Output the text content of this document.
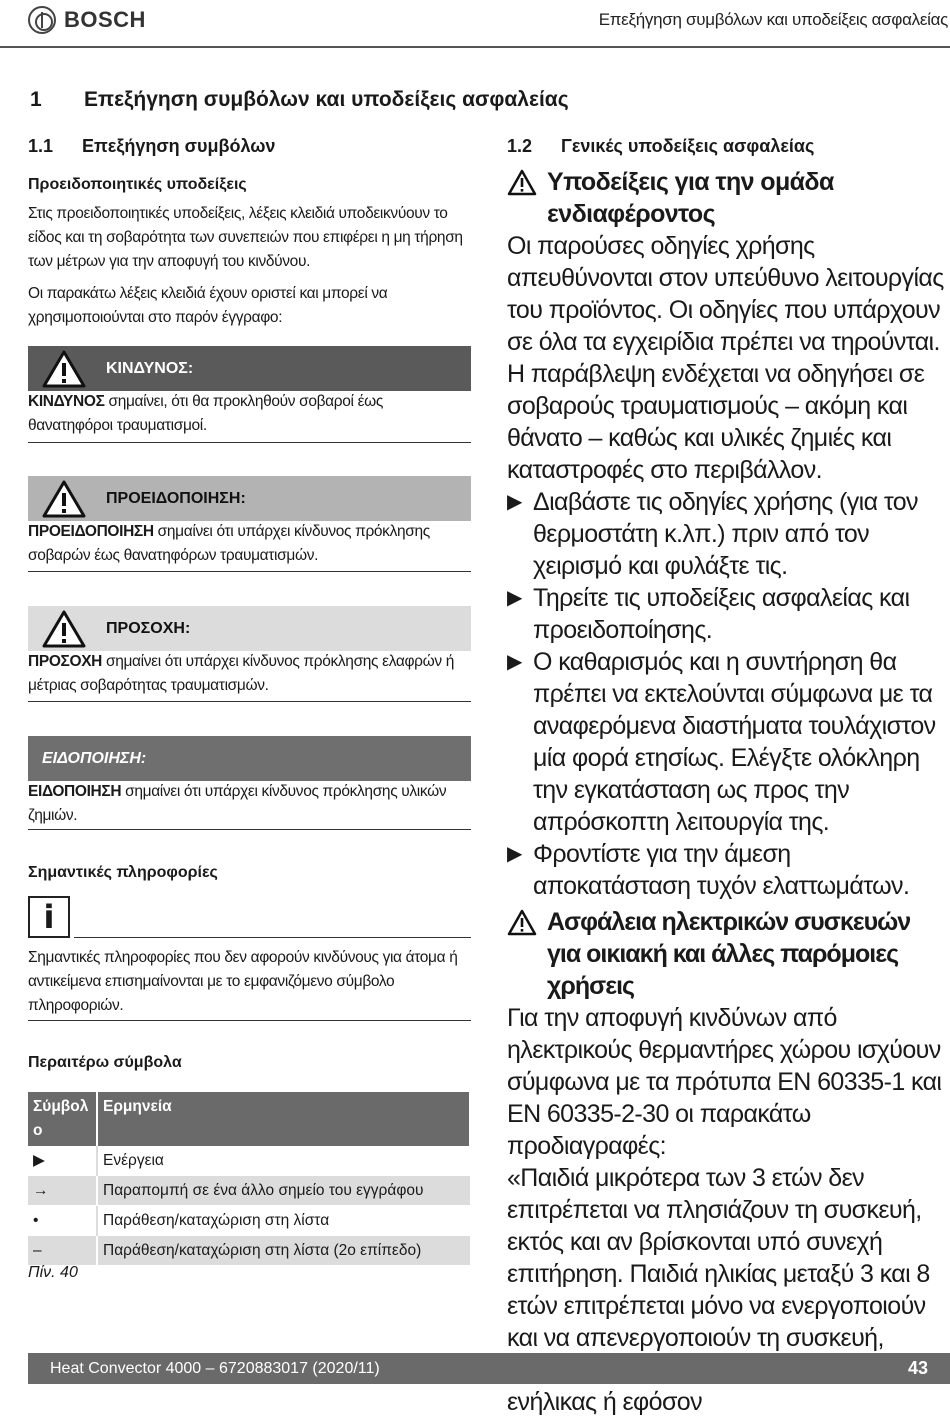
BOSCH	Επεξήγηση συμβόλων και υποδείξεις ασφαλείας
1 Επεξήγηση συμβόλων και υποδείξεις ασφαλείας
1.1 Επεξήγηση συμβόλων
Προειδοποιητικές υποδείξεις
Στις προειδοποιητικές υποδείξεις, λέξεις κλειδιά υποδεικνύουν το είδος και τη σοβαρότητα των συνεπειών που επιφέρει η μη τήρηση των μέτρων για την αποφυγή του κινδύνου.
Οι παρακάτω λέξεις κλειδιά έχουν οριστεί και μπορεί να χρησιμοποιούνται στο παρόν έγγραφο:
ΚΙΝΔΥΝΟΣ:
ΚΙΝΔΥΝΟΣ σημαίνει, ότι θα προκληθούν σοβαροί έως θανατηφόροι τραυματισμοί.
ΠΡΟΕΙΔΟΠΟΙΗΣΗ:
ΠΡΟΕΙΔΟΠΟΙΗΣΗ σημαίνει ότι υπάρχει κίνδυνος πρόκλησης σοβαρών έως θανατηφόρων τραυματισμών.
ΠΡΟΣΟΧΗ:
ΠΡΟΣΟΧΗ σημαίνει ότι υπάρχει κίνδυνος πρόκλησης ελαφρών ή μέτριας σοβαρότητας τραυματισμών.
ΕΙΔΟΠΟΙΗΣΗ:
ΕΙΔΟΠΟΙΗΣΗ σημαίνει ότι υπάρχει κίνδυνος πρόκλησης υλικών ζημιών.
Σημαντικές πληροφορίες
i
Σημαντικές πληροφορίες που δεν αφορούν κινδύνους για άτομα ή αντικείμενα επισημαίνονται με το εμφανιζόμενο σύμβολο πληροφοριών.
Περαιτέρω σύμβολα
Σύμβολ ο	Ερμηνεία
▶	Ενέργεια
→	Παραπομπή σε ένα άλλο σημείο του εγγράφου
•	Παράθεση/καταχώριση στη λίστα
–	Παράθεση/καταχώριση στη λίστα (2ο επίπεδο)
Πίν. 40
1.2 Γενικές υποδείξεις ασφαλείας
Υποδείξεις για την ομάδα ενδιαφέροντος
Οι παρούσες οδηγίες χρήσης απευθύνονται στον υπεύθυνο λειτουργίας του προϊόντος. Οι οδηγίες που υπάρχουν σε όλα τα εγχειρίδια πρέπει να τηρούνται. Η παράβλεψη ενδέχεται να οδηγήσει σε σοβαρούς τραυματισμούς – ακόμη και θάνατο – καθώς και υλικές ζημιές και καταστροφές στο περιβάλλον.
▶ Διαβάστε τις οδηγίες χρήσης (για τον θερμοστάτη κ.λπ.) πριν από τον χειρισμό και φυλάξτε τις.
▶ Τηρείτε τις υποδείξεις ασφαλείας και προειδοποίησης.
▶ Ο καθαρισμός και η συντήρηση θα πρέπει να εκτελούνται σύμφωνα με τα αναφερόμενα διαστήματα τουλάχιστον μία φορά ετησίως. Ελέγξτε ολόκληρη την εγκατάσταση ως προς την απρόσκοπτη λειτουργία της.
▶ Φροντίστε για την άμεση αποκατάσταση τυχόν ελαττωμάτων.
Ασφάλεια ηλεκτρικών συσκευών για οικιακή και άλλες παρόμοιες χρήσεις
Για την αποφυγή κινδύνων από ηλεκτρικούς θερμαντήρες χώρου ισχύουν σύμφωνα με τα πρότυπα EN 60335-1 και EN 60335-2-30 οι παρακάτω προδιαγραφές:
«Παιδιά μικρότερα των 3 ετών δεν επιτρέπεται να πλησιάζουν τη συσκευή, εκτός και αν βρίσκονται υπό συνεχή επιτήρηση. Παιδιά ηλικίας μεταξύ 3 και 8 ετών επιτρέπεται μόνο να ενεργοποιούν και να απενεργοποιούν τη συσκευή, ενήλικας ή εφόσον
Heat Convector 4000 – 6720883017 (2020/11)	43
